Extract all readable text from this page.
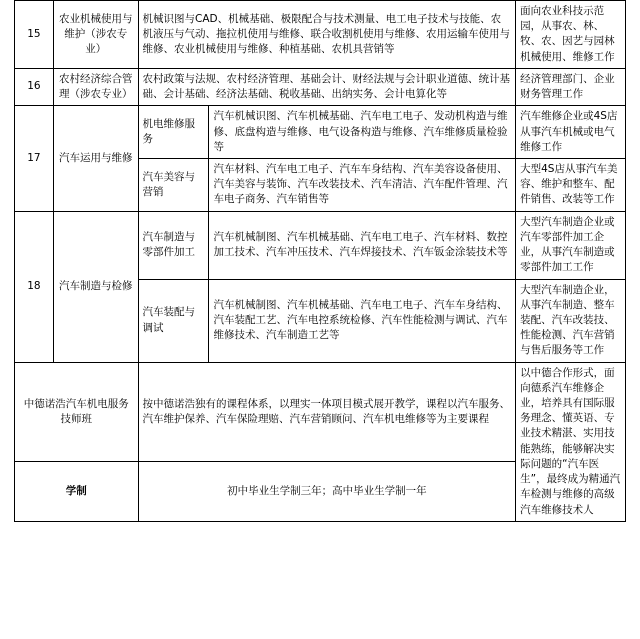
15	农业机械使用与维护（涉农专业）	机械识图与CAD、机械基础、极限配合与技术测量、电工电子技术与技能、农机液压与气动、拖拉机使用与维修、联合收割机使用与维修、农用运输车使用与维修、农业机械使用与维修、种植基础、农机具营销等		面向农业科技示范园，从事农、林、牧、农、因艺与园林机械使用、维修工作
16	农村经济综合管理（涉农专业）	农村政策与法规、农村经济管理、基础会计、财经法规与会计职业道德、统计基础、会计基础、经济法基础、税收基础、出纳实务、会计电算化等		经济管理部门、企业财务管理工作
17	汽车运用与维修	机电维修服务	汽车机械识图、汽车机械基础、汽车电工电子、发动机构造与维修、底盘构造与维修、电气设备构造与维修、汽车维修质量检验等	汽车维修企业或4S店从事汽车机械或电气维修工作
		汽车美容与营销	汽车材料、汽车电工电子、汽车车身结构、汽车美容设备使用、汽车美容与装饰、汽车改装技术、汽车清洁、汽车配件管理、汽车电子商务、汽车销售等	大型4S店从事汽车美容、维护和整车、配件销售、改装等工作
18	汽车制造与检修	汽车制造与零部件加工	汽车机械制图、汽车机械基础、汽车电工电子、汽车材料、数控加工技术、汽车冲压技术、汽车焊接技术、汽车钣金涂装技术等	大型汽车制造企业或汽车零部件加工企业，从事汽车制造或零部件加工工作
		汽车装配与调试	汽车机械制图、汽车机械基础、汽车电工电子、汽车车身结构、汽车装配工艺、汽车电控系统检修、汽车性能检测与调试、汽车维修技术、汽车制造工艺等	大型汽车制造企业，从事汽车制造、整车装配、汽车改装技、性能检测、汽车营销与售后服务等工作
中德诺浩汽车机电服务技师班		按中德诺浩独有的课程体系，以理实一体项目模式展开教学，课程以汽车服务、汽车维护保养、汽车保险理赔、汽车营销顾问、汽车机电维修等为主要课程		以中德合作形式，面向德系汽车维修企业，培养具有国际服务理念、懂英语、专业技术精湛、实用技能熟练，能够解决实际问题的“汽车医生”，最终成为精通汽车检测与维修的高级汽车维修技术人
学制		初中毕业生学制三年；高中毕业生学制一年		
